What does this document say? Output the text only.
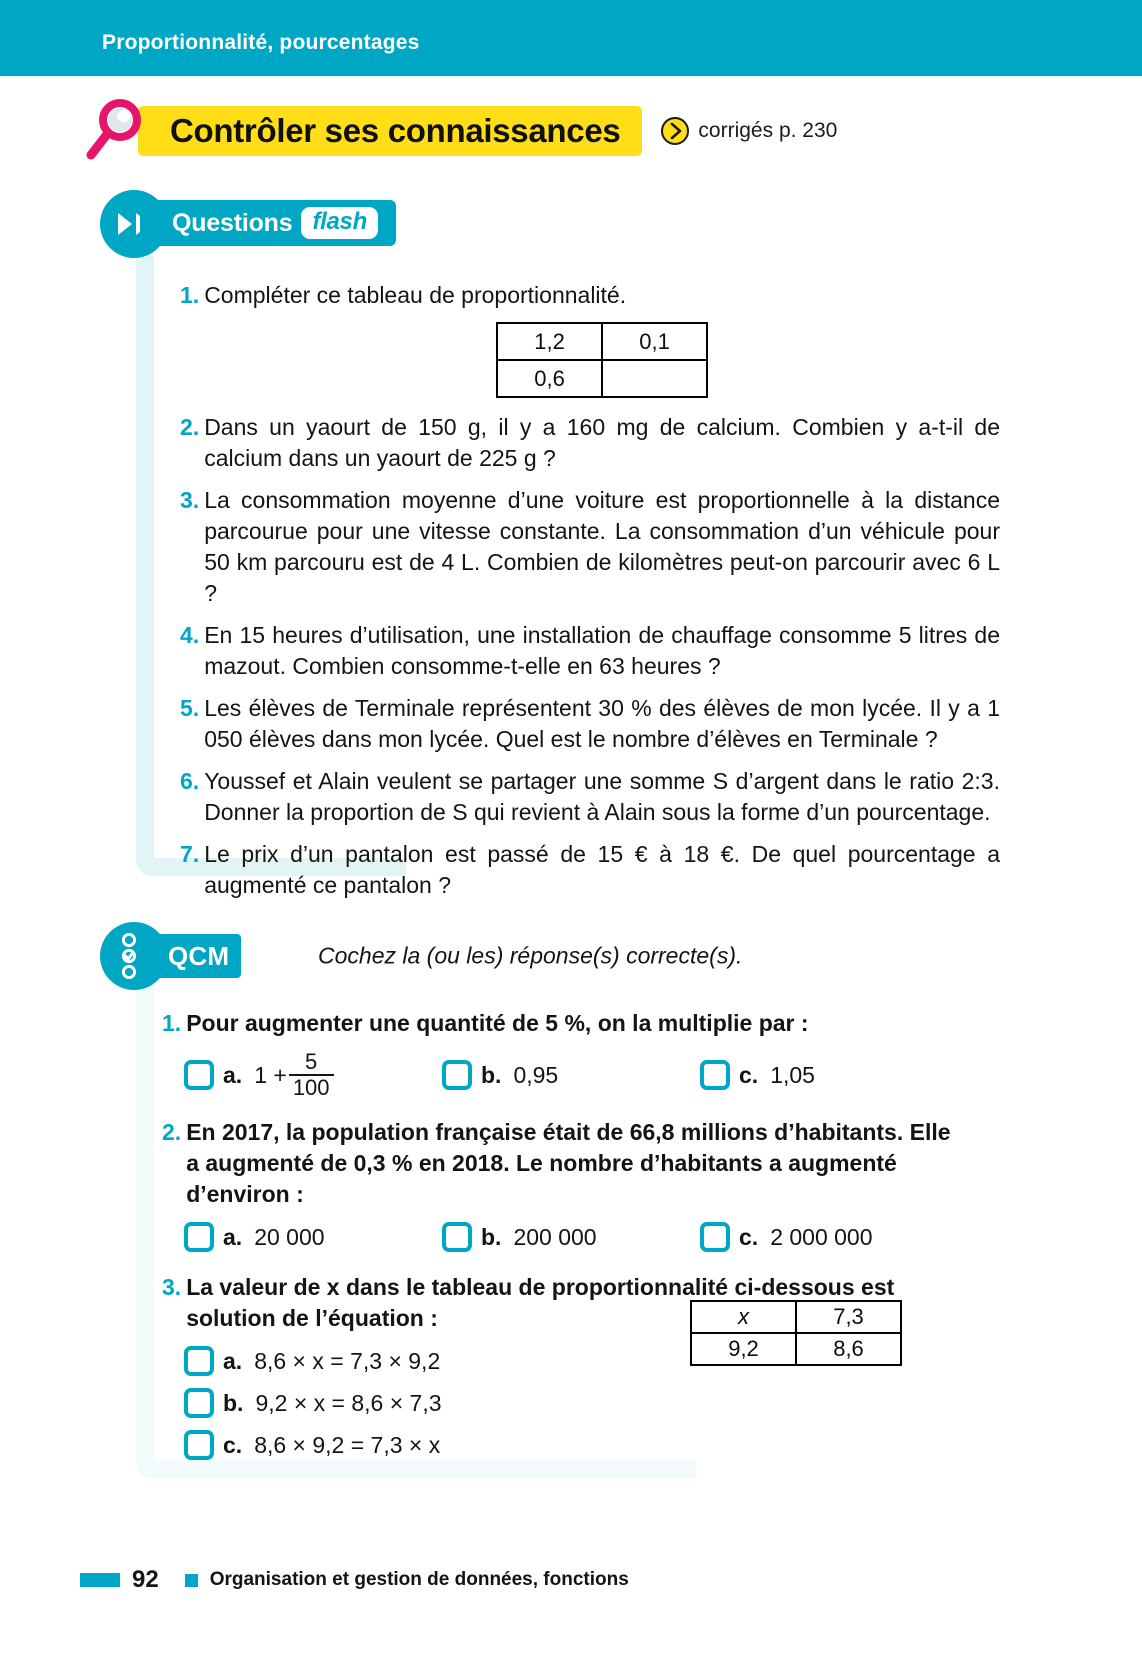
Proportionnalité, pourcentages
Contrôler ses connaissances	corrigés p. 230
Questions flash
1. Compléter ce tableau de proportionnalité.
1,2	0,1
0,6	
2. Dans un yaourt de 150 g, il y a 160 mg de calcium. Combien y a-t-il de calcium dans un yaourt de 225 g ?
3. La consommation moyenne d’une voiture est proportionnelle à la distance parcourue pour une vitesse constante. La consommation d’un véhicule pour 50 km parcouru est de 4 L. Combien de kilomètres peut-on parcourir avec 6 L ?
4. En 15 heures d’utilisation, une installation de chauffage consomme 5 litres de mazout. Combien consomme-t-elle en 63 heures ?
5. Les élèves de Terminale représentent 30 % des élèves de mon lycée. Il y a 1 050 élèves dans mon lycée. Quel est le nombre d’élèves en Terminale ?
6. Youssef et Alain veulent se partager une somme S d’argent dans le ratio 2:3. Donner la proportion de S qui revient à Alain sous la forme d’un pourcentage.
7. Le prix d’un pantalon est passé de 15 € à 18 €. De quel pourcentage a augmenté ce pantalon ?
QCM	Cochez la (ou les) réponse(s) correcte(s).
1. Pour augmenter une quantité de 5 %, on la multiplie par :
a. $1 + \frac{5}{100}$	b. 0,95	c. 1,05
2. En 2017, la population française était de 66,8 millions d’habitants. Elle a augmenté de 0,3 % en 2018. Le nombre d’habitants a augmenté d’environ :
a. 20 000	b. 200 000	c. 2 000 000
3. La valeur de x dans le tableau de proportionnalité ci-dessous est solution de l’équation :
a. 8,6 × x = 7,3 × 9,2
b. 9,2 × x = 8,6 × 7,3
c. 8,6 × 9,2 = 7,3 × x
x	7,3
9,2	8,6
92	Organisation et gestion de données, fonctions
